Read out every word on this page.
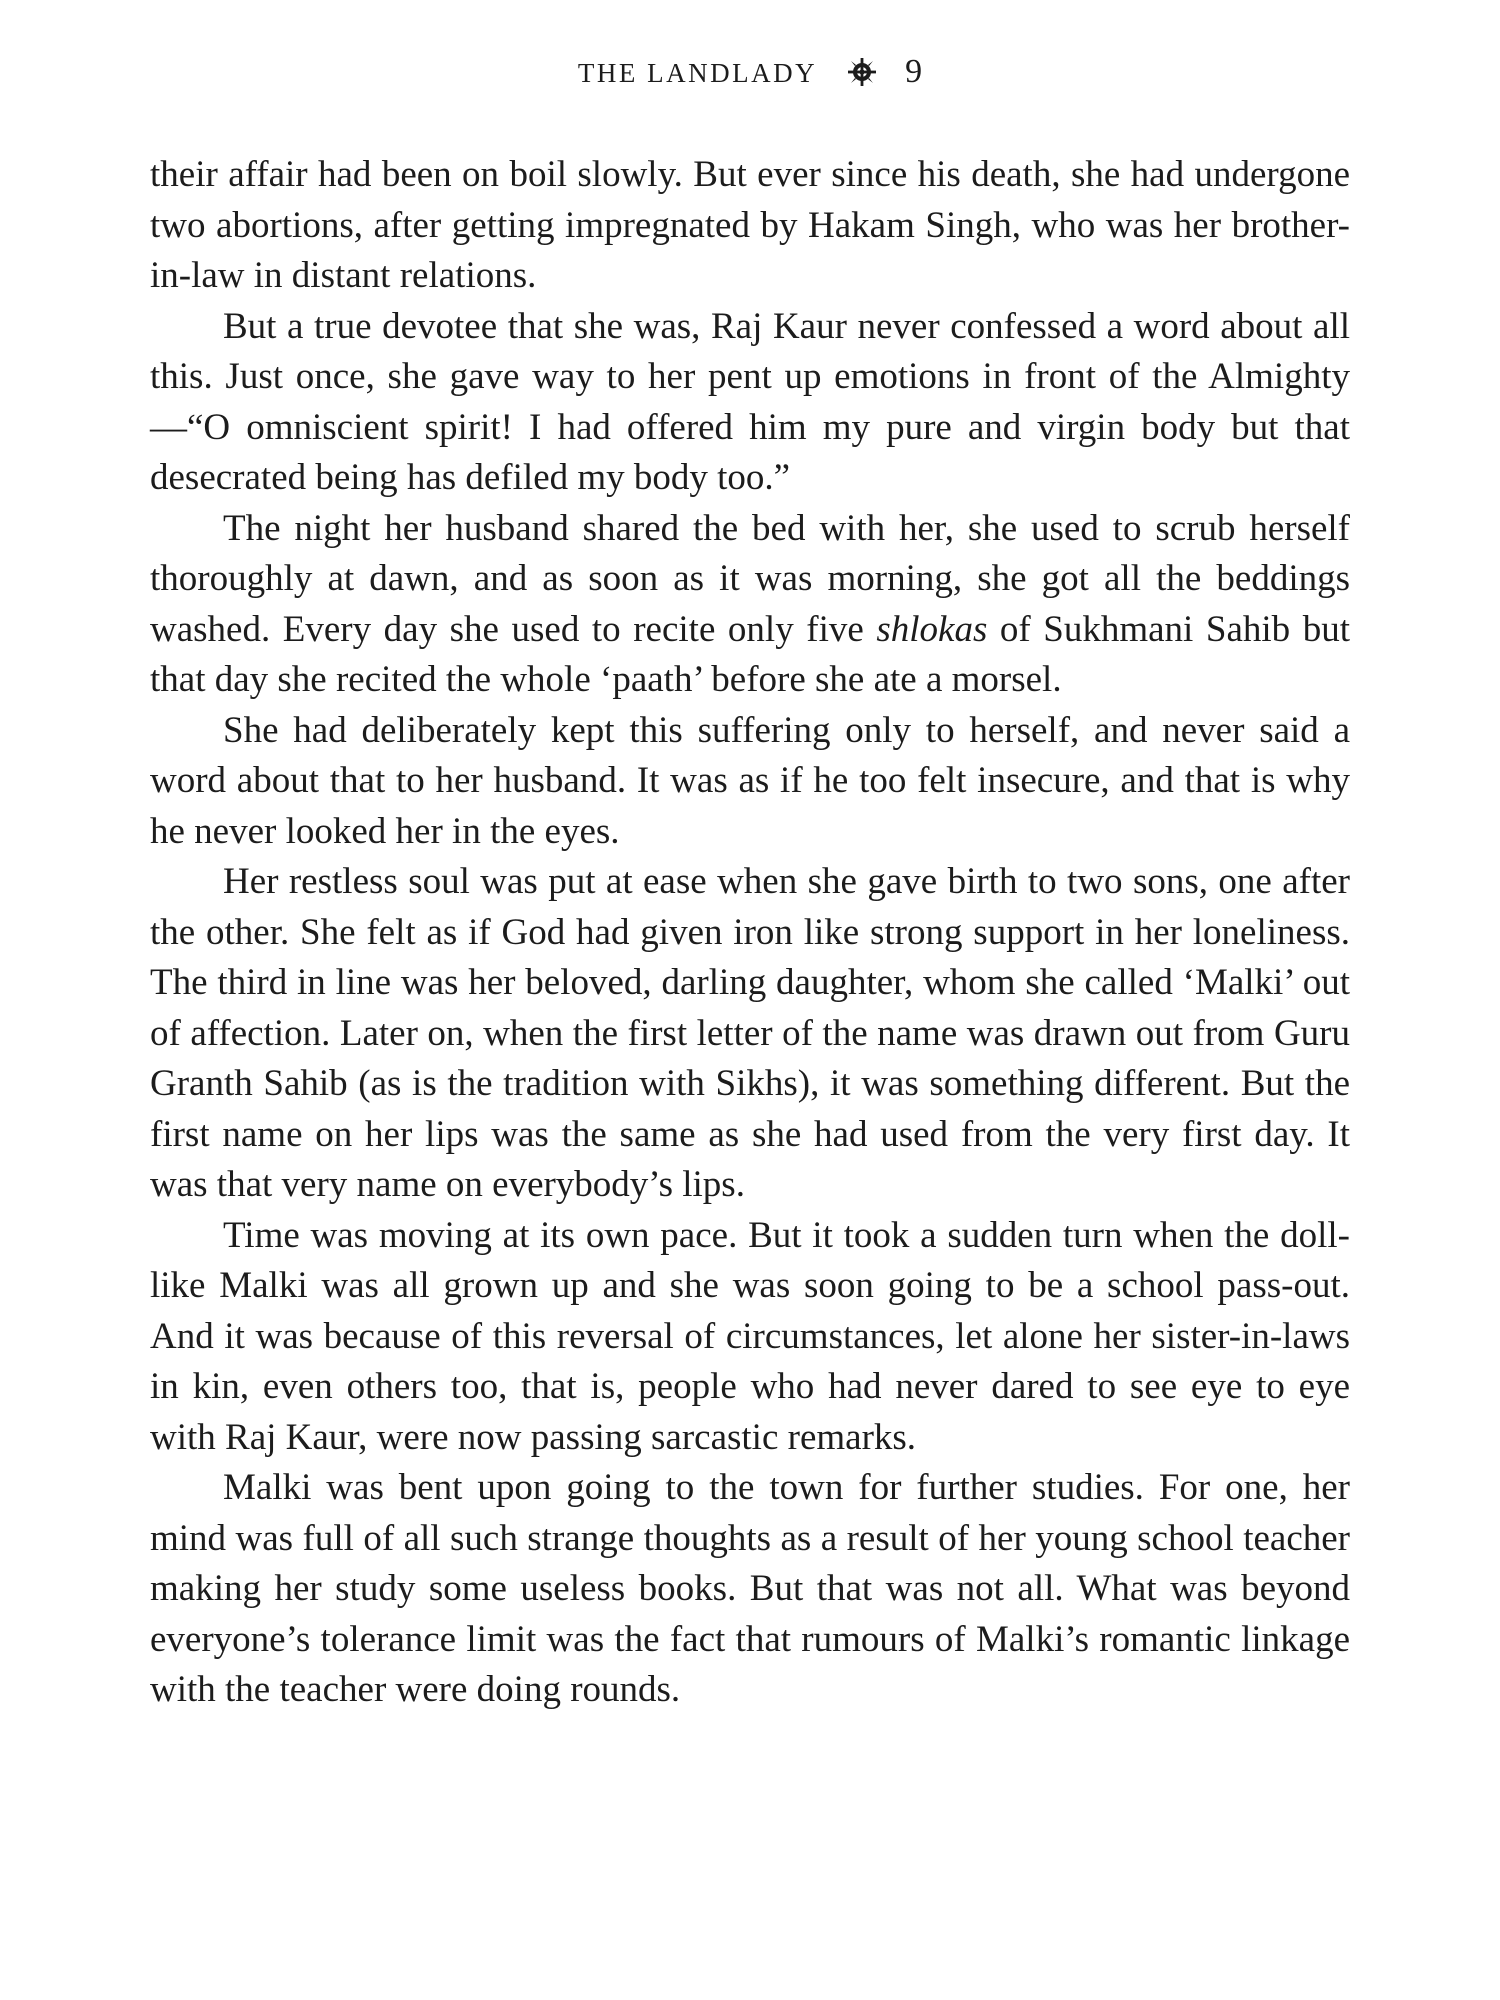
THE LANDLADY	9

their affair had been on boil slowly. But ever since his death, she had undergone two abortions, after getting impregnated by Hakam Singh, who was her brother-in-law in distant relations.

But a true devotee that she was, Raj Kaur never confessed a word about all this. Just once, she gave way to her pent up emotions in front of the Almighty—“O omniscient spirit! I had offered him my pure and virgin body but that desecrated being has defiled my body too.”

The night her husband shared the bed with her, she used to scrub herself thoroughly at dawn, and as soon as it was morning, she got all the beddings washed. Every day she used to recite only five shlokas of Sukhmani Sahib but that day she recited the whole ‘paath’ before she ate a morsel.

She had deliberately kept this suffering only to herself, and never said a word about that to her husband. It was as if he too felt insecure, and that is why he never looked her in the eyes.

Her restless soul was put at ease when she gave birth to two sons, one after the other. She felt as if God had given iron like strong support in her loneliness. The third in line was her beloved, darling daughter, whom she called ‘Malki’ out of affection. Later on, when the first letter of the name was drawn out from Guru Granth Sahib (as is the tradition with Sikhs), it was something different. But the first name on her lips was the same as she had used from the very first day. It was that very name on everybody’s lips.

Time was moving at its own pace. But it took a sudden turn when the doll-like Malki was all grown up and she was soon going to be a school pass-out. And it was because of this reversal of circumstances, let alone her sister-in-laws in kin, even others too, that is, people who had never dared to see eye to eye with Raj Kaur, were now passing sarcastic remarks.

Malki was bent upon going to the town for further studies. For one, her mind was full of all such strange thoughts as a result of her young school teacher making her study some useless books. But that was not all. What was beyond everyone’s tolerance limit was the fact that rumours of Malki’s romantic linkage with the teacher were doing rounds.
